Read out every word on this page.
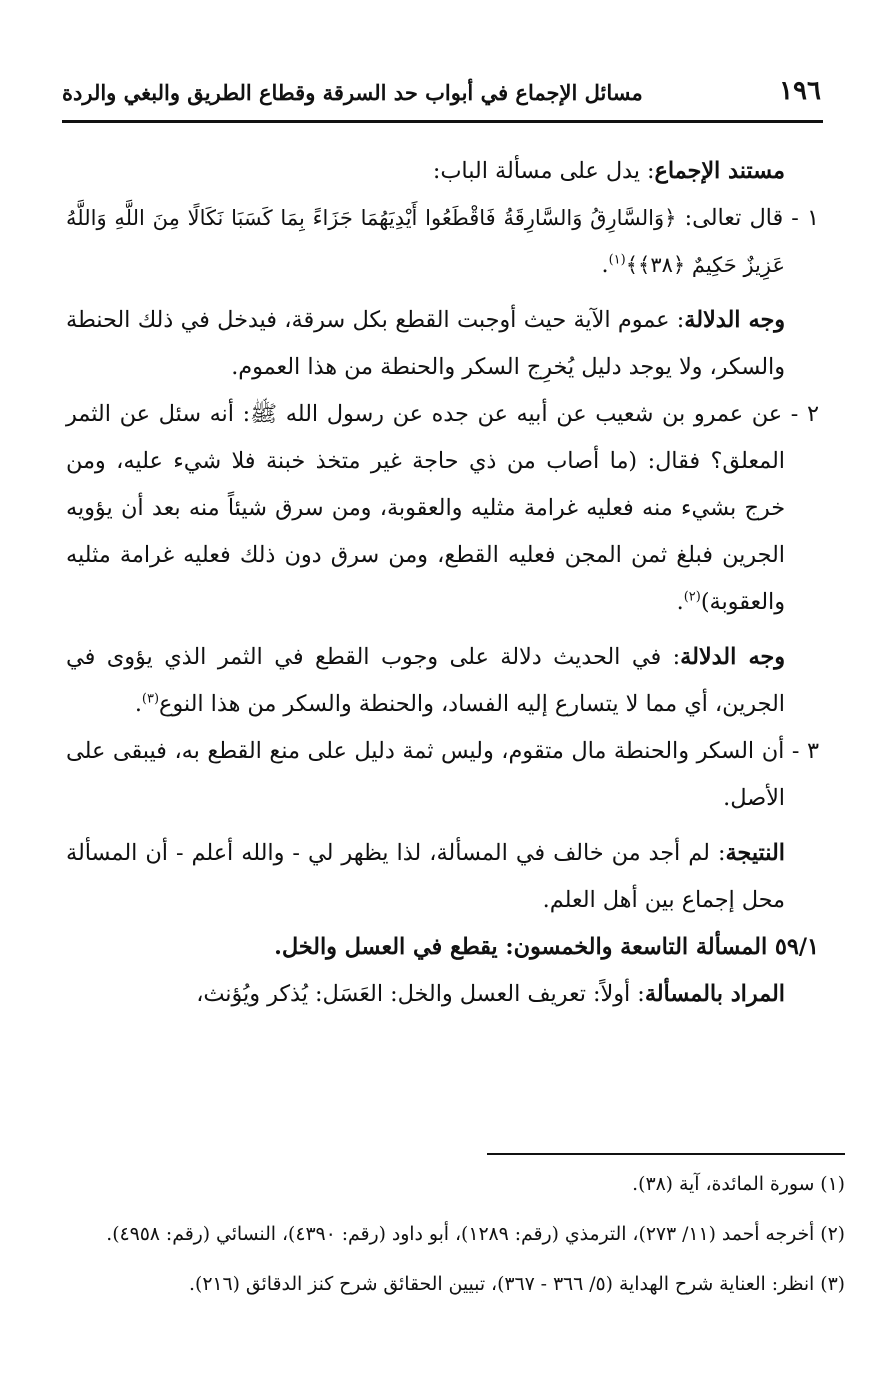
١٩٦
مسائل الإجماع في أبواب حد السرقة وقطاع الطريق والبغي والردة

مستند الإجماع: يدل على مسألة الباب:

١ - قال تعالى: ﴿وَالسَّارِقُ وَالسَّارِقَةُ فَاقْطَعُوا أَيْدِيَهُمَا جَزَاءً بِمَا كَسَبَا نَكَالًا مِنَ اللَّهِ وَاللَّهُ عَزِيزٌ حَكِيمٌ ﴿٣٨﴾﴾$^{(١)}$.

وجه الدلالة: عموم الآية حيث أوجبت القطع بكل سرقة، فيدخل في ذلك الحنطة والسكر، ولا يوجد دليل يُخرِج السكر والحنطة من هذا العموم.

٢ - عن عمرو بن شعيب عن أبيه عن جده عن رسول الله ﷺ: أنه سئل عن الثمر المعلق؟ فقال: (ما أصاب من ذي حاجة غير متخذ خبنة فلا شيء عليه، ومن خرج بشيء منه فعليه غرامة مثليه والعقوبة، ومن سرق شيئاً منه بعد أن يؤويه الجرين فبلغ ثمن المجن فعليه القطع، ومن سرق دون ذلك فعليه غرامة مثليه والعقوبة)$^{(٢)}$.

وجه الدلالة: في الحديث دلالة على وجوب القطع في الثمر الذي يؤوى في الجرين، أي مما لا يتسارع إليه الفساد، والحنطة والسكر من هذا النوع$^{(٣)}$.

٣ - أن السكر والحنطة مال متقوم، وليس ثمة دليل على منع القطع به، فيبقى على الأصل.

النتيجة: لم أجد من خالف في المسألة، لذا يظهر لي - والله أعلم - أن المسألة محل إجماع بين أهل العلم.

٥٩/١ المسألة التاسعة والخمسون: يقطع في العسل والخل.

المراد بالمسألة: أولاً: تعريف العسل والخل: العَسَل: يُذكر ويُؤنث،

(١) سورة المائدة، آية (٣٨).

(٢) أخرجه أحمد (١١/ ٢٧٣)، الترمذي (رقم: ١٢٨٩)، أبو داود (رقم: ٤٣٩٠)، النسائي (رقم: ٤٩٥٨).

(٣) انظر: العناية شرح الهداية (٥/ ٣٦٦ - ٣٦٧)، تبيين الحقائق شرح كنز الدقائق (٢١٦).
